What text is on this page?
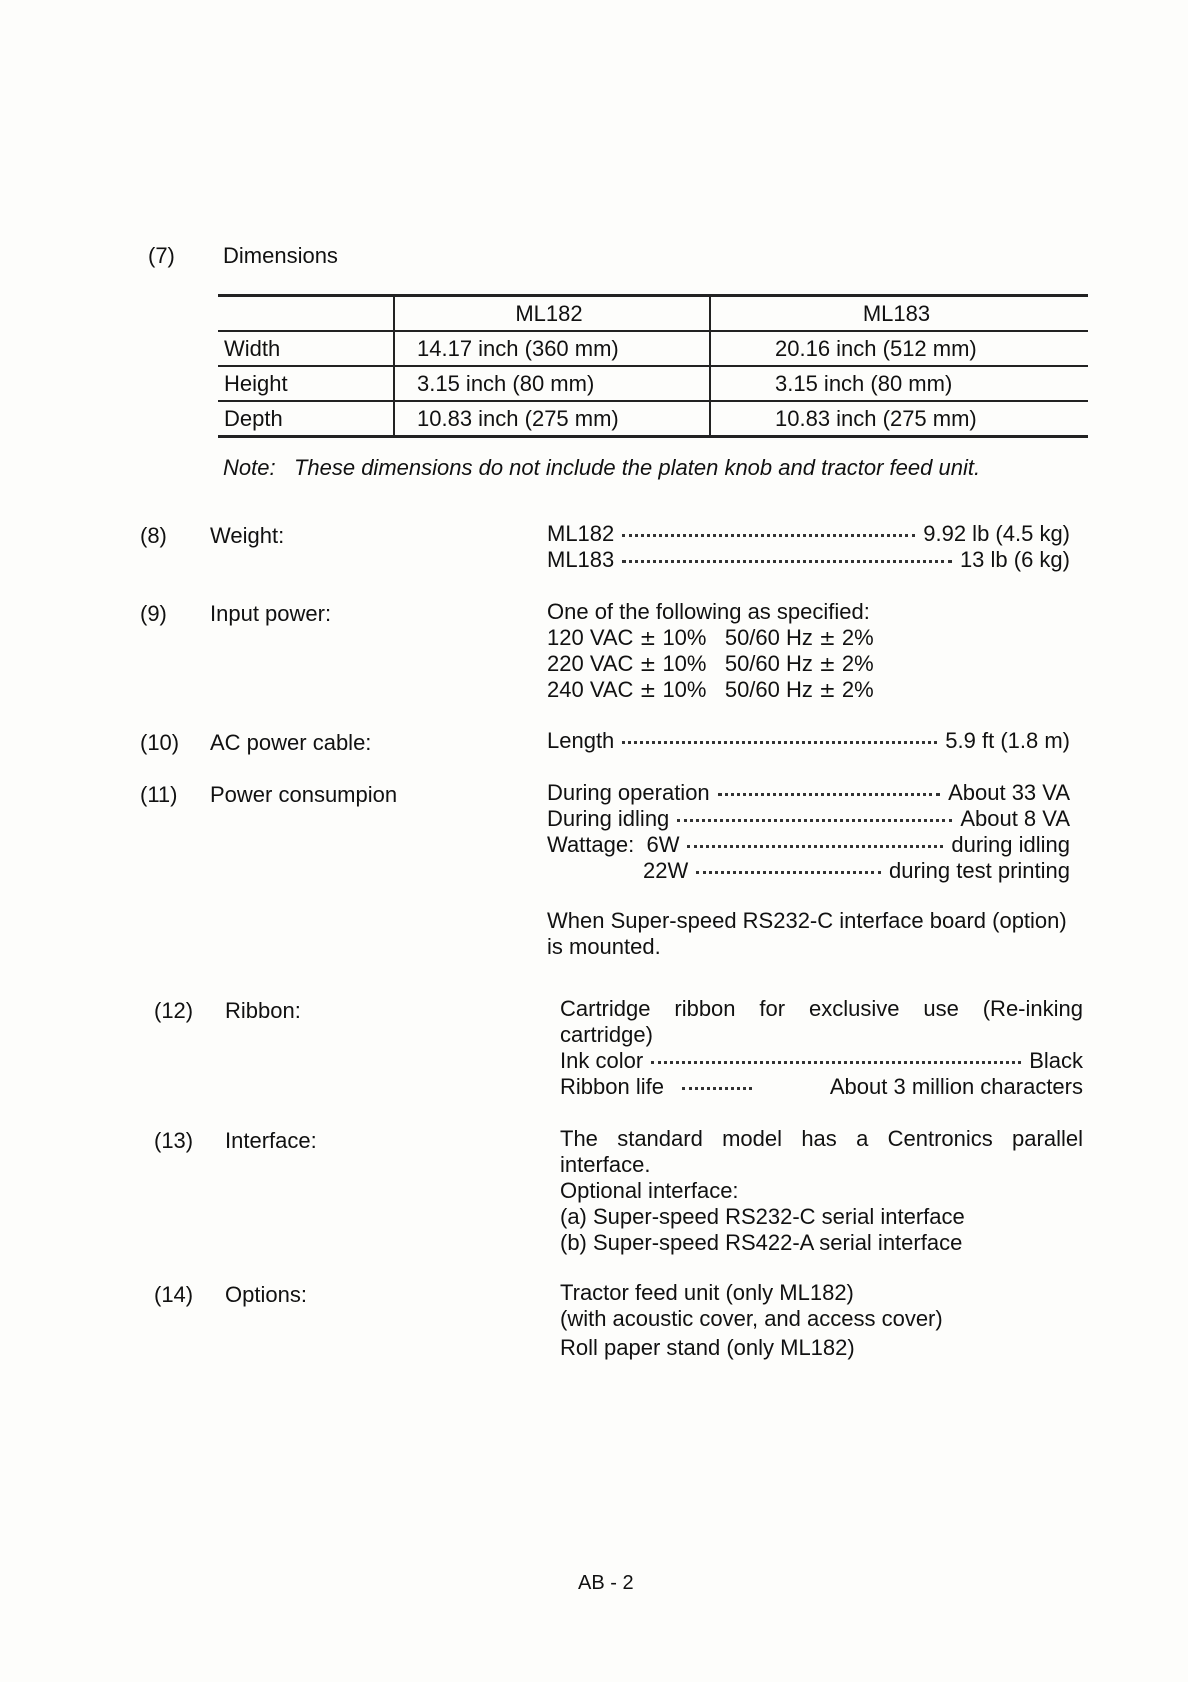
(7) Dimensions
	ML182	ML183
Width	14.17 inch (360 mm)	20.16 inch (512 mm)
Height	3.15 inch (80 mm)	3.15 inch (80 mm)
Depth	10.83 inch (275 mm)	10.83 inch (275 mm)
Note: These dimensions do not include the platen knob and tractor feed unit.
(8) Weight:	ML182	9.92 lb (4.5 kg)
ML183	13 lb (6 kg)
(9) Input power:	One of the following as specified:
120 VAC ± 10% 50/60 Hz ± 2%
220 VAC ± 10% 50/60 Hz ± 2%
240 VAC ± 10% 50/60 Hz ± 2%
(10) AC power cable:	Length	5.9 ft (1.8 m)
(11) Power consumpion	During operation	About 33 VA
During idling	About 8 VA
Wattage:
6W	during idling
22W	during test printing
When Super-speed RS232-C interface board (option)
is mounted.
(12) Ribbon:	Cartridge ribbon for exclusive use (Re-inking
cartridge)
Ink color	Black
Ribbon life	About 3 million characters
(13) Interface:	The standard model has a Centronics parallel
interface.
Optional interface:
(a) Super-speed RS232-C serial interface
(b) Super-speed RS422-A serial interface
(14) Options:	Tractor feed unit (only ML182)
(with acoustic cover, and access cover)
Roll paper stand (only ML182)
AB - 2
